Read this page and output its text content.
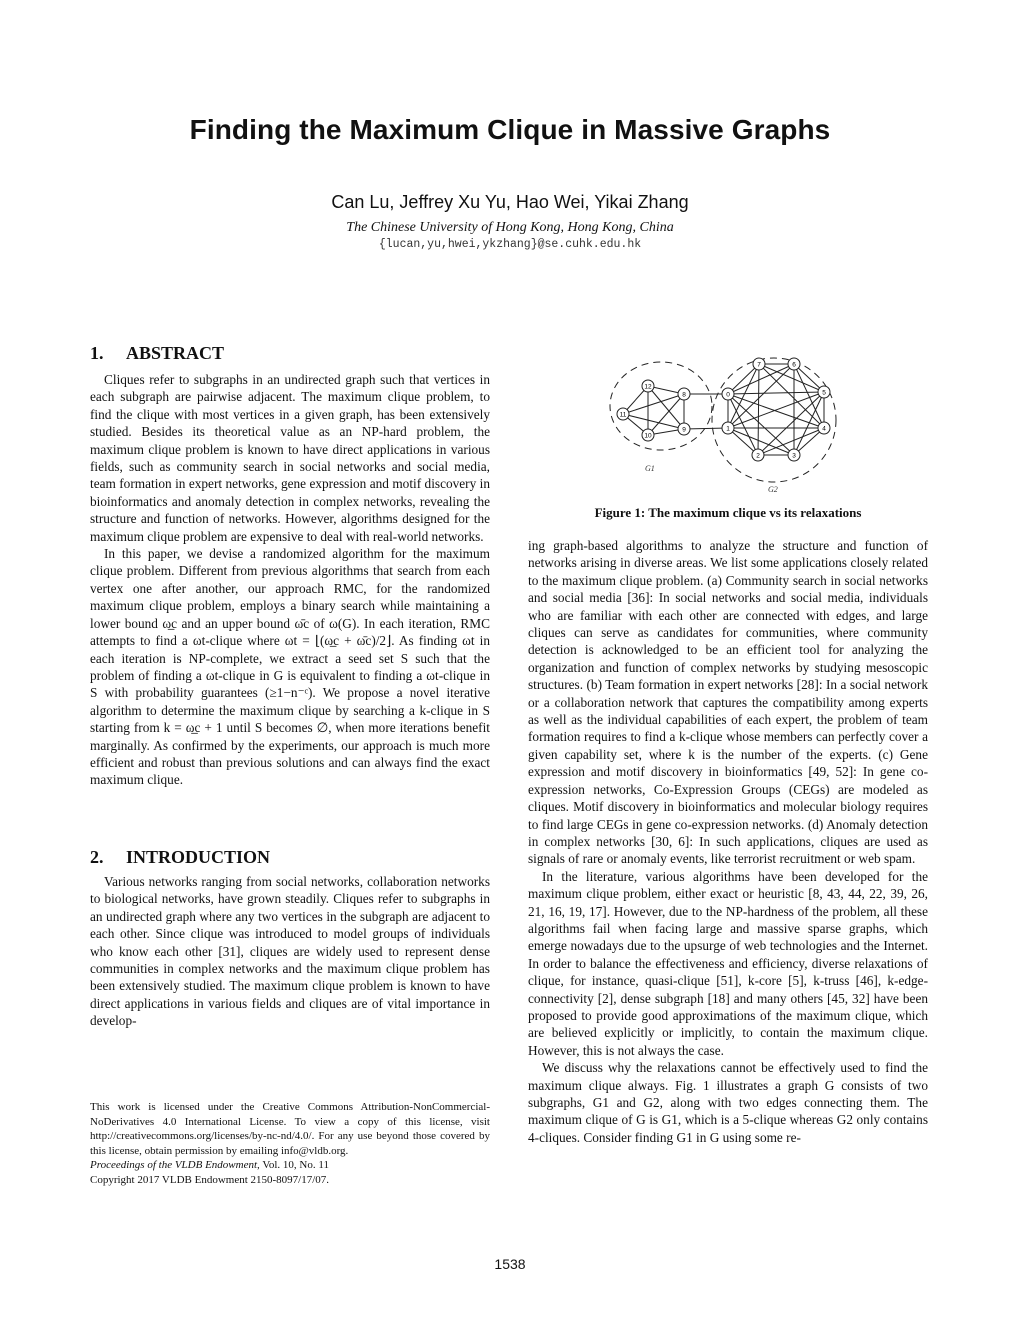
Finding the Maximum Clique in Massive Graphs
Can Lu, Jeffrey Xu Yu, Hao Wei, Yikai Zhang
The Chinese University of Hong Kong, Hong Kong, China
{lucan,yu,hwei,ykzhang}@se.cuhk.edu.hk
1. ABSTRACT

Cliques refer to subgraphs in an undirected graph such that vertices in each subgraph are pairwise adjacent. The maximum clique problem, to find the clique with most vertices in a given graph, has been extensively studied. Besides its theoretical value as an NP-hard problem, the maximum clique problem is known to have direct applications in various fields, such as community search in social networks and social media, team formation in expert networks, gene expression and motif discovery in bioinformatics and anomaly detection in complex networks, revealing the structure and function of networks. However, algorithms designed for the maximum clique problem are expensive to deal with real-world networks.

In this paper, we devise a randomized algorithm for the maximum clique problem. Different from previous algorithms that search from each vertex one after another, our approach RMC, for the randomized maximum clique problem, employs a binary search while maintaining a lower bound ω̲c and an upper bound ω̄c of ω(G). In each iteration, RMC attempts to find a ωt-clique where ωt = ⌊(ω̲c + ω̄c)/2⌋. As finding ωt in each iteration is NP-complete, we extract a seed set S such that the problem of finding a ωt-clique in G is equivalent to finding a ωt-clique in S with probability guarantees (≥1−n⁻ᶜ). We propose a novel iterative algorithm to determine the maximum clique by searching a k-clique in S starting from k = ω̲c + 1 until S becomes ∅, when more iterations benefit marginally. As confirmed by the experiments, our approach is much more efficient and robust than previous solutions and can always find the exact maximum clique.

2. INTRODUCTION

Various networks ranging from social networks, collaboration networks to biological networks, have grown steadily. Cliques refer to subgraphs in an undirected graph where any two vertices in the subgraph are adjacent to each other. Since clique was introduced to model groups of individuals who know each other [31], cliques are widely used to represent dense communities in complex networks and the maximum clique problem has been extensively studied. The maximum clique problem is known to have direct applications in various fields and cliques are of vital importance in develop-

This work is licensed under the Creative Commons Attribution-NonCommercial-NoDerivatives 4.0 International License. To view a copy of this license, visit http://creativecommons.org/licenses/by-nc-nd/4.0/. For any use beyond those covered by this license, obtain permission by emailing info@vldb.org.

Proceedings of the VLDB Endowment, Vol. 10, No. 11

Copyright 2017 VLDB Endowment 2150-8097/17/07.

12
8
11
9
10
7	6
0	5
1	4
2	3
G1
G2
Figure 1: The maximum clique vs its relaxations

ing graph-based algorithms to analyze the structure and function of networks arising in diverse areas. We list some applications closely related to the maximum clique problem. (a) Community search in social networks and social media [36]: In social networks and social media, individuals who are familiar with each other are connected with edges, and large cliques can serve as candidates for communities, where community detection is acknowledged to be an efficient tool for analyzing the organization and function of complex networks by studying mesoscopic structures. (b) Team formation in expert networks [28]: In a social network or a collaboration network that captures the compatibility among experts as well as the individual capabilities of each expert, the problem of team formation requires to find a k-clique whose members can perfectly cover a given capability set, where k is the number of the experts. (c) Gene expression and motif discovery in bioinformatics [49, 52]: In gene co-expression networks, Co-Expression Groups (CEGs) are modeled as cliques. Motif discovery in bioinformatics and molecular biology requires to find large CEGs in gene co-expression networks. (d) Anomaly detection in complex networks [30, 6]: In such applications, cliques are used as signals of rare or anomaly events, like terrorist recruitment or web spam.

In the literature, various algorithms have been developed for the maximum clique problem, either exact or heuristic [8, 43, 44, 22, 39, 26, 21, 16, 19, 17]. However, due to the NP-hardness of the problem, all these algorithms fail when facing large and massive sparse graphs, which emerge nowadays due to the upsurge of web technologies and the Internet. In order to balance the effectiveness and efficiency, diverse relaxations of clique, for instance, quasi-clique [51], k-core [5], k-truss [46], k-edge-connectivity [2], dense subgraph [18] and many others [45, 32] have been proposed to provide good approximations of the maximum clique, which are believed explicitly or implicitly, to contain the maximum clique. However, this is not always the case.

We discuss why the relaxations cannot be effectively used to find the maximum clique always. Fig. 1 illustrates a graph G consists of two subgraphs, G1 and G2, along with two edges connecting them. The maximum clique of G is G1, which is a 5-clique whereas G2 only contains 4-cliques. Consider finding G1 in G using some re-

1538
